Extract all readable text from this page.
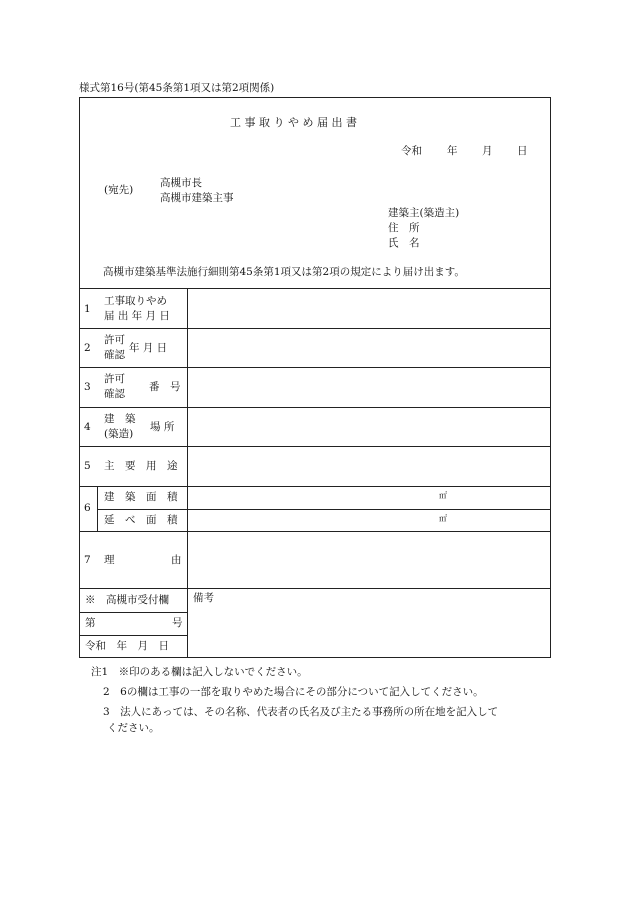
様式第16号(第45条第1項又は第2項関係)
工 事 取 り や め 届 出 書
令和 年 月 日
(宛先)
高槻市長
高槻市建築主事
建築主(築造主)
住　所
氏　名
高槻市建築基準法施行細則第45条第1項又は第2項の規定により届け出ます。
1
工事取りやめ
届 出 年 月 日
2
許可
確認
年 月 日
3
許可
確認
番　号
4
建　築
(築造)
場 所
5 主　要　用　途
6
建　築　面　積
延　べ　面　積
㎡
㎡
7 理	由
※　高槻市受付欄
第	号
令和　年　月　日
備考
注1　※印のある欄は記入しないでください。
2　6の欄は工事の一部を取りやめた場合にその部分について記入してください。
3　法人にあっては、その名称、代表者の氏名及び主たる事務所の所在地を記入して
ください。
